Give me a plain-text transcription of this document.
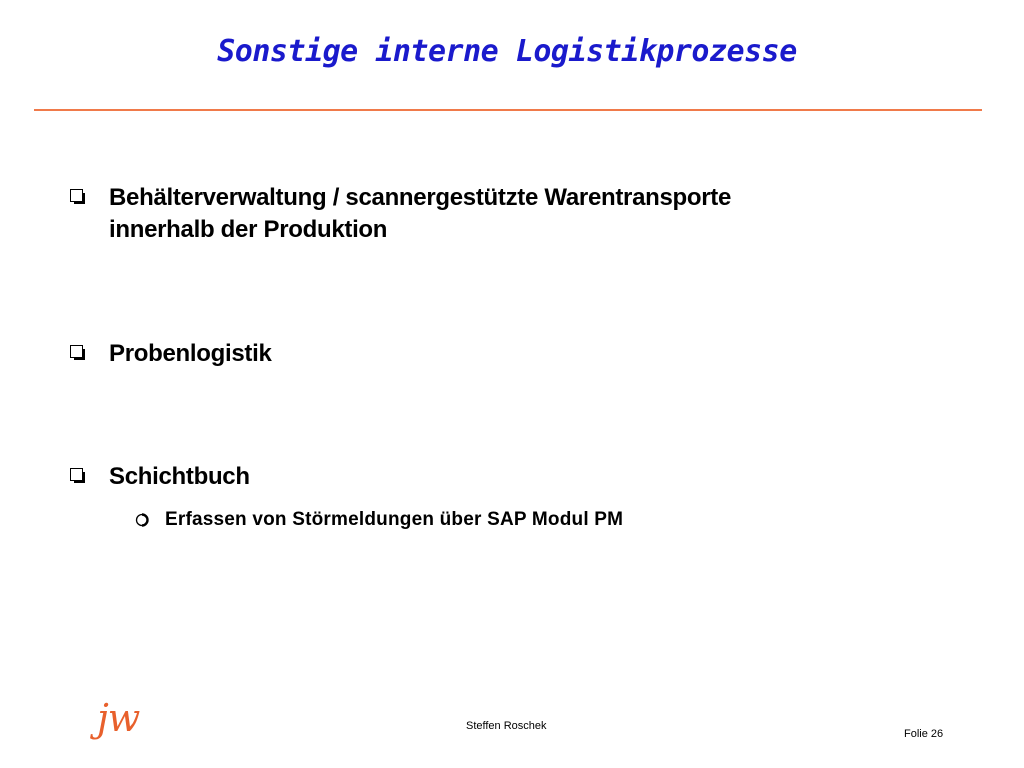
Sonstige interne Logistikprozesse
Behälterverwaltung / scannergestützte Warentransporte
innerhalb der Produktion
Probenlogistik
Schichtbuch
Erfassen von Störmeldungen über SAP Modul PM
jw	Steffen Roschek
Folie 26
